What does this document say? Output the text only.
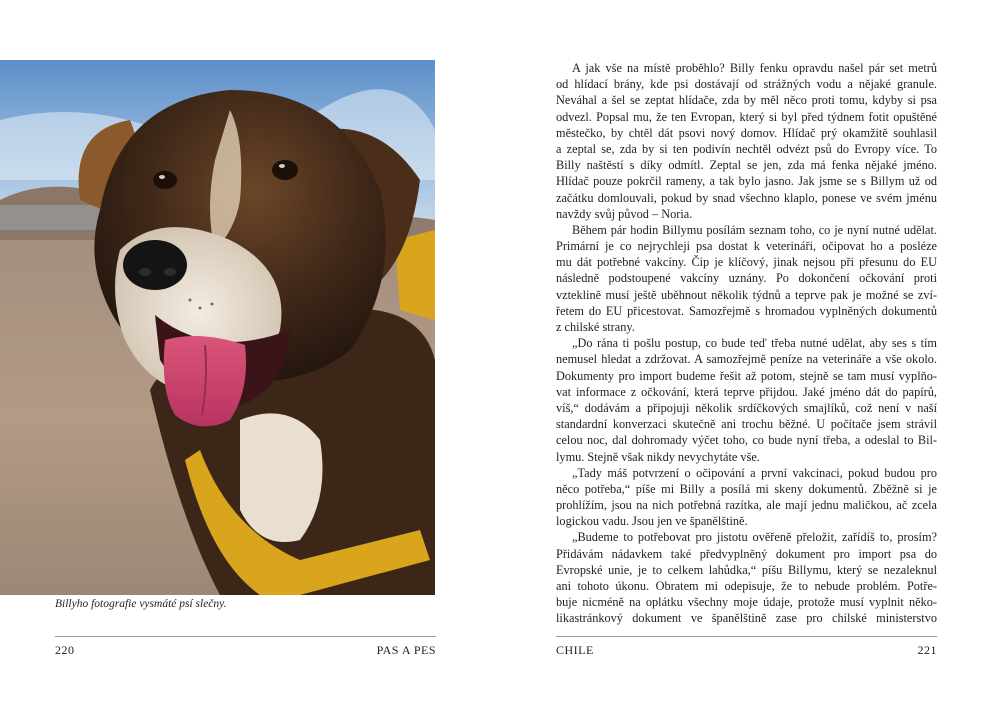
Billyho fotografie vysmáté psí slečny.
220	PAS A PES
A jak vše na místě proběhlo? Billy fenku opravdu našel pár set metrů
od hlídací brány, kde psi dostávají od strážných vodu a nějaké granule.
Neváhal a šel se zeptat hlídače, zda by měl něco proti tomu, kdyby si psa
odvezl. Popsal mu, že ten Evropan, který si byl před týdnem fotit opuštěné
městečko, by chtěl dát psovi nový domov. Hlídač prý okamžitě souhlasil
a zeptal se, zda by si ten podivín nechtěl odvézt psů do Evropy více. To
Billy naštěstí s díky odmítl. Zeptal se jen, zda má fenka nějaké jméno.
Hlídač pouze pokrčil rameny, a tak bylo jasno. Jak jsme se s Billym už od
začátku domlouvali, pokud by snad všechno klaplo, ponese ve svém jménu
navždy svůj původ – Noria.
Během pár hodin Billymu posílám seznam toho, co je nyní nutné udělat.
Primární je co nejrychleji psa dostat k veterináři, očipovat ho a posléze
mu dát potřebné vakcíny. Čip je klíčový, jinak nejsou při přesunu do EU
následně podstoupené vakcíny uznány. Po dokončení očkování proti
vzteklině musí ještě uběhnout několik týdnů a teprve pak je možné se zví-
řetem do EU přicestovat. Samozřejmě s hromadou vyplněných dokumentů
z chilské strany.
„Do rána ti pošlu postup, co bude teď třeba nutné udělat, aby ses s tím
nemusel hledat a zdržovat. A samozřejmě peníze na veterináře a vše okolo.
Dokumenty pro import budeme řešit až potom, stejně se tam musí vyplňo-
vat informace z očkování, která teprve přijdou. Jaké jméno dát do papírů,
víš,“ dodávám a připojuji několik srdíčkových smajlíků, což není v naší
standardní konverzaci skutečně ani trochu běžné. U počítače jsem strávil
celou noc, dal dohromady výčet toho, co bude nyní třeba, a odeslal to Bil-
lymu. Stejně však nikdy nevychytáte vše.
„Tady máš potvrzení o očipování a první vakcinaci, pokud budou pro
něco potřeba,“ píše mi Billy a posílá mi skeny dokumentů. Zběžně si je
prohlížím, jsou na nich potřebná razítka, ale mají jednu maličkou, ač zcela
logickou vadu. Jsou jen ve španělštině.
„Budeme to potřebovat pro jistotu ověřeně přeložit, zařídíš to, prosím?
Přidávám nádavkem také předvyplněný dokument pro import psa do
Evropské unie, je to celkem lahůdka,“ píšu Billymu, který se nezaleknul
ani tohoto úkonu. Obratem mi odepisuje, že to nebude problém. Potře-
buje nicméně na oplátku všechny moje údaje, protože musí vyplnit něko-
likastránkový dokument ve španělštině zase pro chilské ministerstvo
CHILE	221
